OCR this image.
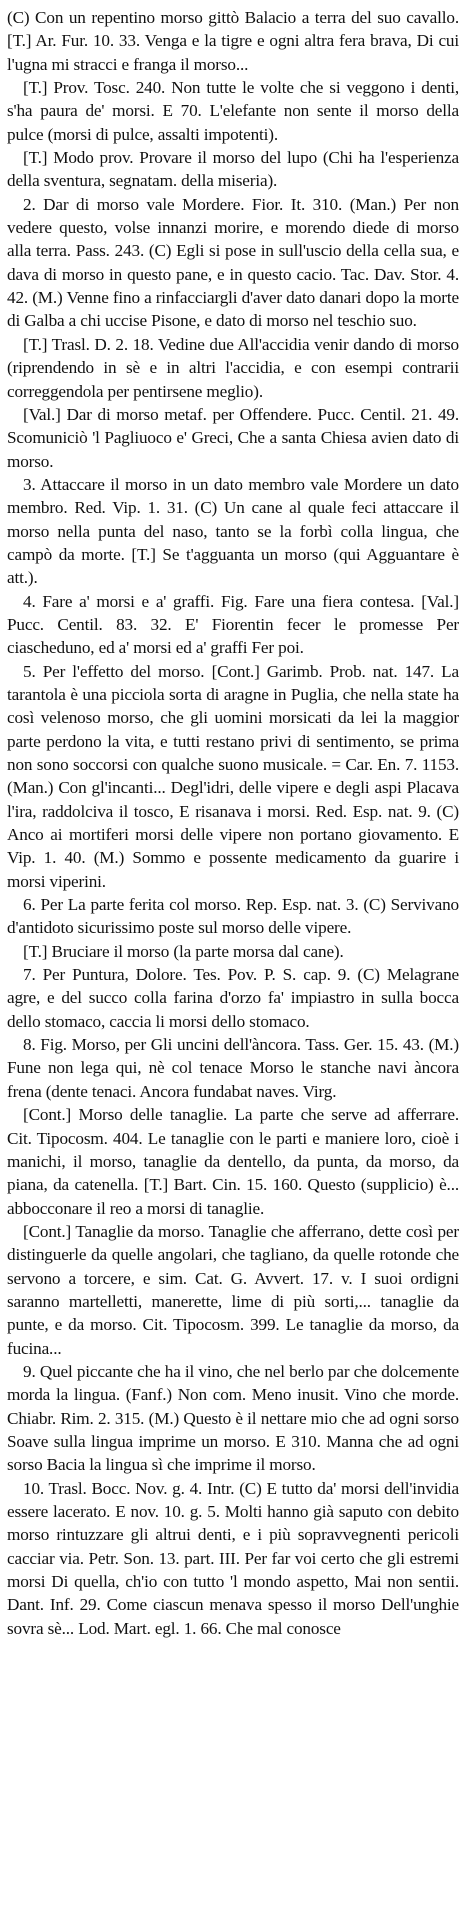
(C) Con un repentino morso gittò Balacio a terra del suo cavallo. [T.] Ar. Fur. 10. 33. Venga e la tigre e ogni altra fera brava, Di cui l'ugna mi stracci e franga il morso...

[T.] Prov. Tosc. 240. Non tutte le volte che si veggono i denti, s'ha paura de' morsi. E 70. L'elefante non sente il morso della pulce (morsi di pulce, assalti impotenti).

[T.] Modo prov. Provare il morso del lupo (Chi ha l'esperienza della sventura, segnatam. della miseria).

2. Dar di morso vale Mordere. Fior. It. 310. (Man.) Per non vedere questo, volse innanzi morire, e morendo diede di morso alla terra. Pass. 243. (C) Egli si pose in sull'uscio della cella sua, e dava di morso in questo pane, e in questo cacio. Tac. Dav. Stor. 4. 42. (M.) Venne fino a rinfacciargli d'aver dato danari dopo la morte di Galba a chi uccise Pisone, e dato di morso nel teschio suo.

[T.] Trasl. D. 2. 18. Vedine due All'accidia venir dando di morso (riprendendo in sè e in altri l'accidia, e con esempi contrarii correggendola per pentirsene meglio).

[Val.] Dar di morso metaf. per Offendere. Pucc. Centil. 21. 49. Scomuniciò 'l Pagliuoco e' Greci, Che a santa Chiesa avien dato di morso.

3. Attaccare il morso in un dato membro vale Mordere un dato membro. Red. Vip. 1. 31. (C) Un cane al quale feci attaccare il morso nella punta del naso, tanto se la forbì colla lingua, che campò da morte. [T.] Se t'agguanta un morso (qui Agguantare è att.).

4. Fare a' morsi e a' graffi. Fig. Fare una fiera contesa. [Val.] Pucc. Centil. 83. 32. E' Fiorentin fecer le promesse Per ciascheduno, ed a' morsi ed a' graffi Fer poi.

5. Per l'effetto del morso. [Cont.] Garimb. Prob. nat. 147. La tarantola è una picciola sorta di aragne in Puglia, che nella state ha così velenoso morso, che gli uomini morsicati da lei la maggior parte perdono la vita, e tutti restano privi di sentimento, se prima non sono soccorsi con qualche suono musicale. = Car. En. 7. 1153. (Man.) Con gl'incanti... Degl'idri, delle vipere e degli aspi Placava l'ira, raddolciva il tosco, E risanava i morsi. Red. Esp. nat. 9. (C) Anco ai mortiferi morsi delle vipere non portano giovamento. E Vip. 1. 40. (M.) Sommo e possente medicamento da guarire i morsi viperini.

6. Per La parte ferita col morso. Rep. Esp. nat. 3. (C) Servivano d'antidoto sicurissimo poste sul morso delle vipere.

[T.] Bruciare il morso (la parte morsa dal cane).

7. Per Puntura, Dolore. Tes. Pov. P. S. cap. 9. (C) Melagrane agre, e del succo colla farina d'orzo fa' impiastro in sulla bocca dello stomaco, caccia li morsi dello stomaco.

8. Fig. Morso, per Gli uncini dell'àncora. Tass. Ger. 15. 43. (M.) Fune non lega qui, nè col tenace Morso le stanche navi àncora frena (dente tenaci. Ancora fundabat naves. Virg.

[Cont.] Morso delle tanaglie. La parte che serve ad afferrare. Cit. Tipocosm. 404. Le tanaglie con le parti e maniere loro, cioè i manichi, il morso, tanaglie da dentello, da punta, da morso, da piana, da catenella. [T.] Bart. Cin. 15. 160. Questo (supplicio) è... abbocconare il reo a morsi di tanaglie.

[Cont.] Tanaglie da morso. Tanaglie che afferrano, dette così per distinguerle da quelle angolari, che tagliano, da quelle rotonde che servono a torcere, e sim. Cat. G. Avvert. 17. v. I suoi ordigni saranno martelletti, manerette, lime di più sorti,... tanaglie da punte, e da morso. Cit. Tipocosm. 399. Le tanaglie da morso, da fucina...

9. Quel piccante che ha il vino, che nel berlo par che dolcemente morda la lingua. (Fanf.) Non com. Meno inusit. Vino che morde. Chiabr. Rim. 2. 315. (M.) Questo è il nettare mio che ad ogni sorso Soave sulla lingua imprime un morso. E 310. Manna che ad ogni sorso Bacia la lingua sì che imprime il morso.

10. Trasl. Bocc. Nov. g. 4. Intr. (C) E tutto da' morsi dell'invidia essere lacerato. E nov. 10. g. 5. Molti hanno già saputo con debito morso rintuzzare gli altrui denti, e i più sopravvegnenti pericoli cacciar via. Petr. Son. 13. part. III. Per far voi certo che gli estremi morsi Di quella, ch'io con tutto 'l mondo aspetto, Mai non sentii. Dant. Inf. 29. Come ciascun menava spesso il morso Dell'unghie sovra sè... Lod. Mart. egl. 1. 66. Che mal conosce
